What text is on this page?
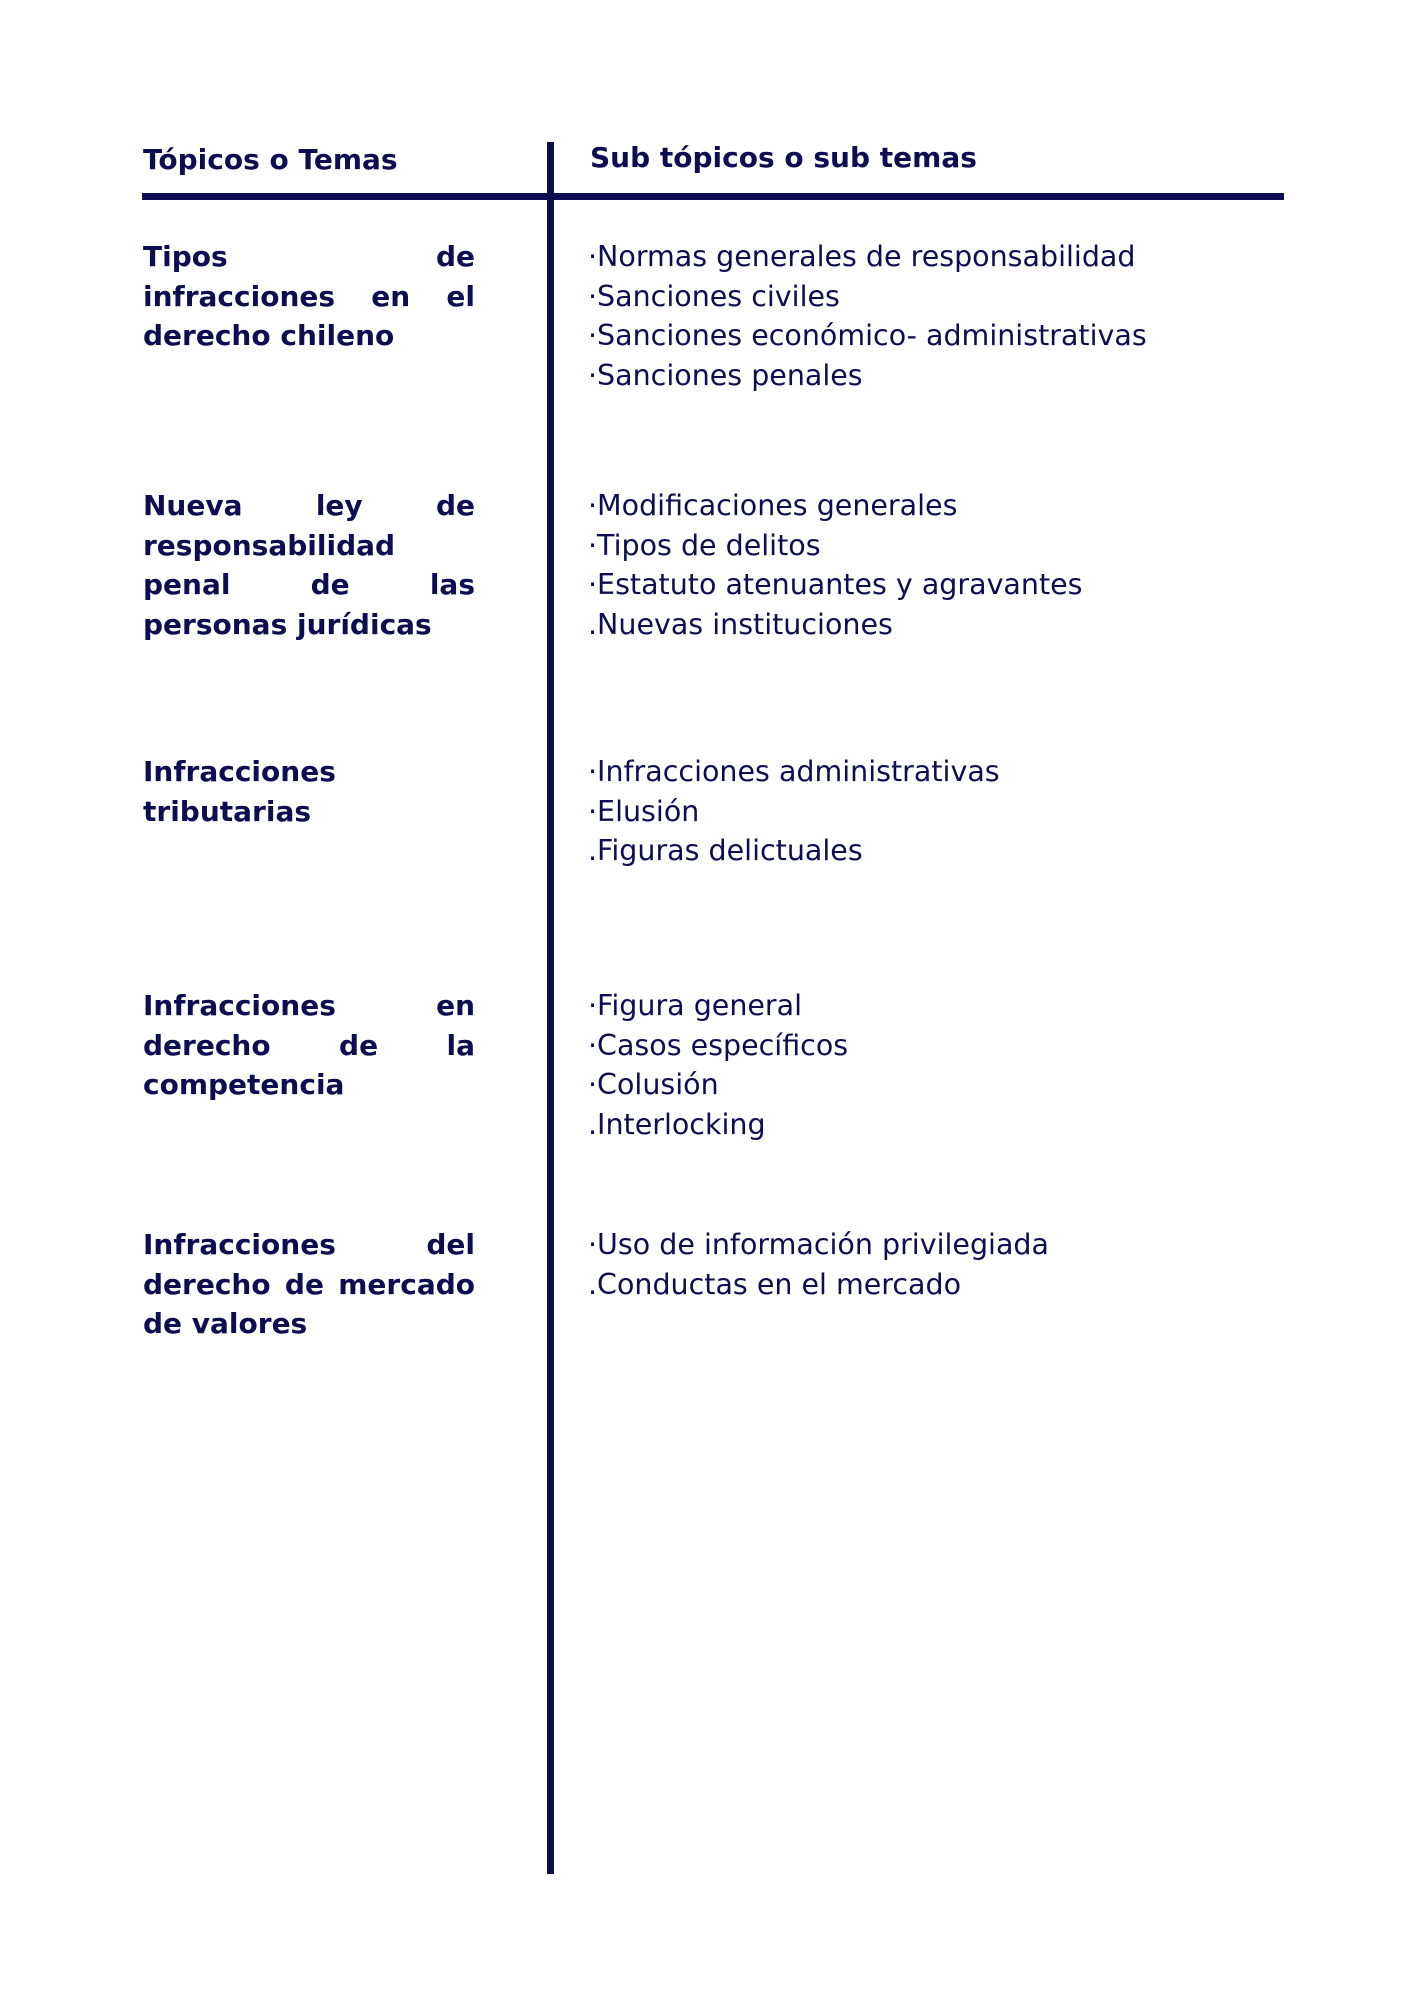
Tópicos o Temas	Sub tópicos o sub temas
Tipos de infracciones en el derecho chileno
·Normas generales de responsabilidad
·Sanciones civiles
·Sanciones económico- administrativas
·Sanciones penales
Nueva ley de responsabilidad penal de las personas jurídicas
·Modificaciones generales
·Tipos de delitos
·Estatuto atenuantes y agravantes
.Nuevas instituciones
Infracciones tributarias
·Infracciones administrativas
·Elusión
.Figuras delictuales
Infracciones en derecho de la competencia
·Figura general
·Casos específicos
·Colusión
.Interlocking
Infracciones del derecho de mercado de valores
·Uso de información privilegiada
.Conductas en el mercado
